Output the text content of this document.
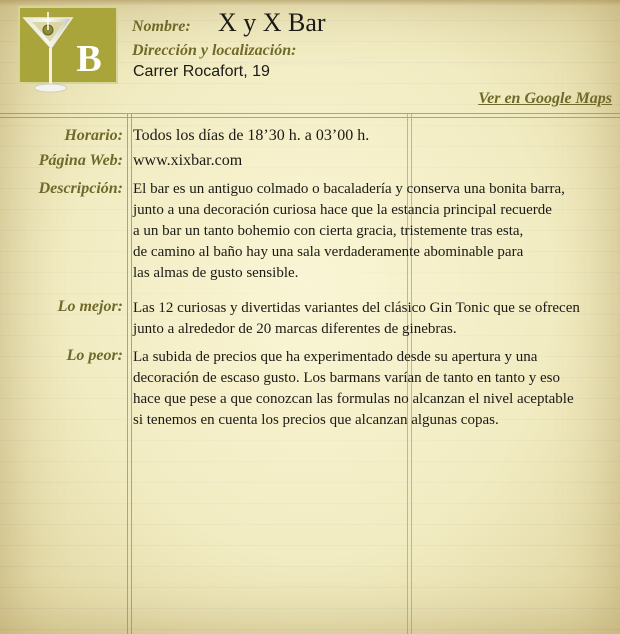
B
Nombre: X y X Bar
Dirección y localización:
Carrer Rocafort, 19
Ver en Google Maps
Horario: Todos los días de 18’30 h. a 03’00 h.
Página Web: www.xixbar.com
Descripción: El bar es un antiguo colmado o bacaladería y conserva una bonita barra,
junto a una decoración curiosa hace que la estancia principal recuerde
a un bar un tanto bohemio con cierta gracia, tristemente tras esta,
de camino al baño hay una sala verdaderamente abominable para
las almas de gusto sensible.
Lo mejor: Las 12 curiosas y divertidas variantes del clásico Gin Tonic que se ofrecen
junto a alrededor de 20 marcas diferentes de ginebras.
Lo peor: La subida de precios que ha experimentado desde su apertura y una
decoración de escaso gusto. Los barmans varían de tanto en tanto y eso
hace que pese a que conozcan las formulas no alcanzan el nivel aceptable
si tenemos en cuenta los precios que alcanzan algunas copas.
